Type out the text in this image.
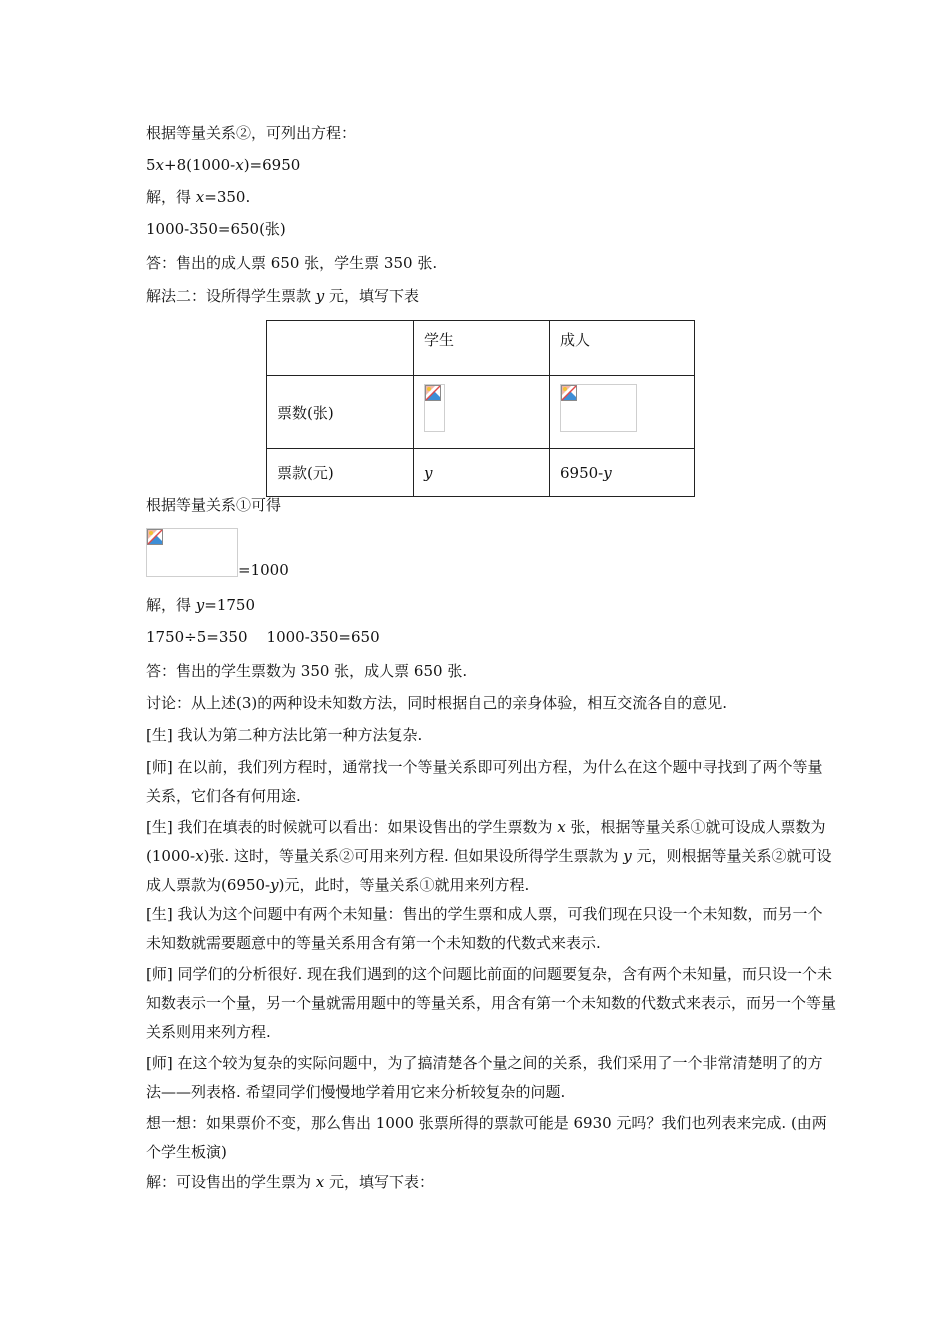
根据等量关系②，可列出方程：
5x+8(1000-x)=6950
解，得 x=350.
1000-350=650(张)
答：售出的成人票 650 张，学生票 350 张.
解法二：设所得学生票款 y 元，填写下表
	学生	成人
票数(张)	

票款(元)	y	6950-y
根据等量关系①可得
=1000
解，得 y=1750
1750÷5=350    1000-350=650
答：售出的学生票数为 350 张，成人票 650 张.
讨论：从上述(3)的两种设未知数方法，同时根据自己的亲身体验，相互交流各自的意见.
[生] 我认为第二种方法比第一种方法复杂.
[师] 在以前，我们列方程时，通常找一个等量关系即可列出方程，为什么在这个题中寻找到了两个等量关系，它们各有何用途.
[生] 我们在填表的时候就可以看出：如果设售出的学生票数为 x 张，根据等量关系①就可设成人票数为(1000-x)张. 这时，等量关系②可用来列方程. 但如果设所得学生票款为 y 元，则根据等量关系②就可设成人票款为(6950-y)元，此时，等量关系①就用来列方程.
[生] 我认为这个问题中有两个未知量：售出的学生票和成人票，可我们现在只设一个未知数，而另一个未知数就需要题意中的等量关系用含有第一个未知数的代数式来表示.
[师] 同学们的分析很好. 现在我们遇到的这个问题比前面的问题要复杂，含有两个未知量，而只设一个未知数表示一个量，另一个量就需用题中的等量关系，用含有第一个未知数的代数式来表示，而另一个等量关系则用来列方程.
[师] 在这个较为复杂的实际问题中，为了搞清楚各个量之间的关系，我们采用了一个非常清楚明了的方法——列表格. 希望同学们慢慢地学着用它来分析较复杂的问题.
想一想：如果票价不变，那么售出 1000 张票所得的票款可能是 6930 元吗？我们也列表来完成. (由两个学生板演)
解：可设售出的学生票为 x 元，填写下表：
